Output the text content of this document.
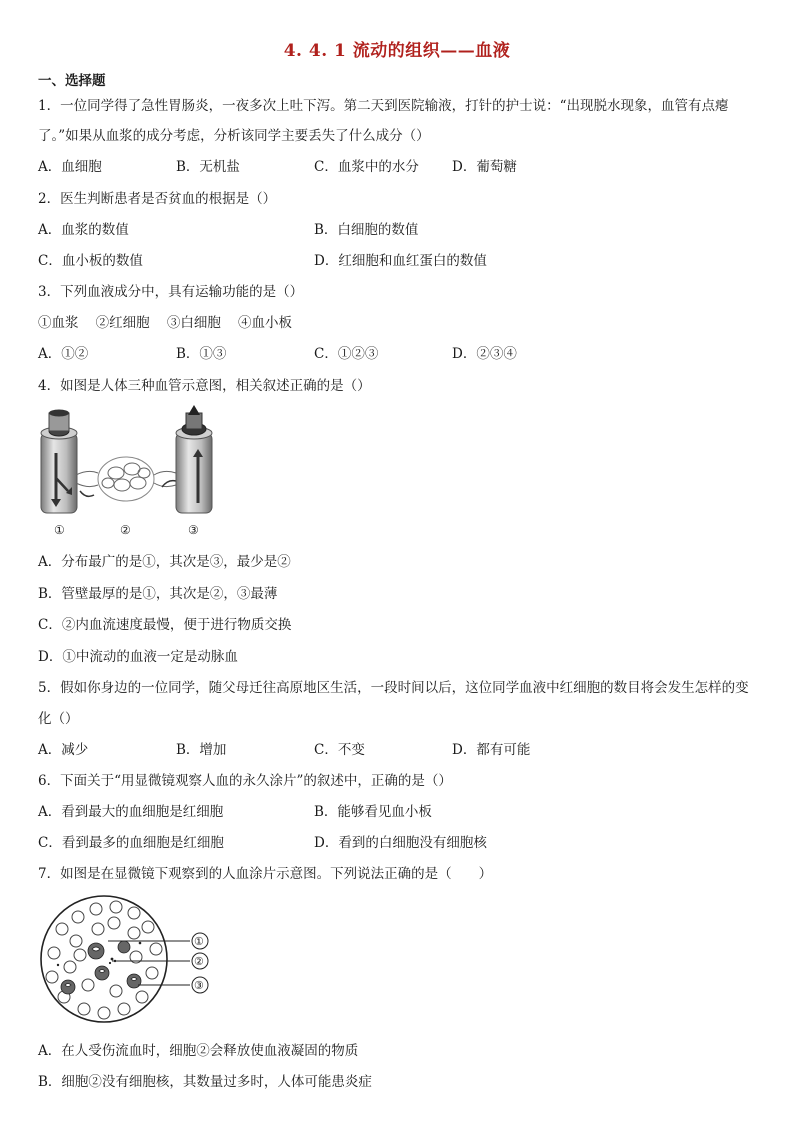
4. 4. 1 流动的组织——血液
一、选择题
1．一位同学得了急性胃肠炎，一夜多次上吐下泻。第二天到医院输液，打针的护士说：“出现脱水现象，血管有点瘪
了。”如果从血浆的成分考虑，分析该同学主要丢失了什么成分（）
A．血细胞	B．无机盐	C．血浆中的水分 D．葡萄糖
2．医生判断患者是否贫血的根据是（）
A．血浆的数值	B．白细胞的数值
C．血小板的数值	D．红细胞和血红蛋白的数值
3．下列血液成分中，具有运输功能的是（）
①血浆    ②红细胞    ③白细胞    ④血小板
A．①②	B．①③	C．①②③	D．②③④
4．如图是人体三种血管示意图，相关叙述正确的是（）
①	②	③
A．分布最广的是①，其次是③，最少是②
B．管壁最厚的是①，其次是②，③最薄
C．②内血流速度最慢，便于进行物质交换
D．①中流动的血液一定是动脉血
5．假如你身边的一位同学，随父母迁往高原地区生活，一段时间以后，这位同学血液中红细胞的数目将会发生怎样的变
化（）
A．减少	B．增加	C．不变	D．都有可能
6．下面关于“用显微镜观察人血的永久涂片”的叙述中，正确的是（）
A．看到最大的血细胞是红细胞	B．能够看见血小板
C．看到最多的血细胞是红细胞	D．看到的白细胞没有细胞核
7．如图是在显微镜下观察到的人血涂片示意图。下列说法正确的是（　　）
①
②
③
A．在人受伤流血时，细胞②会释放使血液凝固的物质
B．细胞②没有细胞核，其数量过多时，人体可能患炎症
